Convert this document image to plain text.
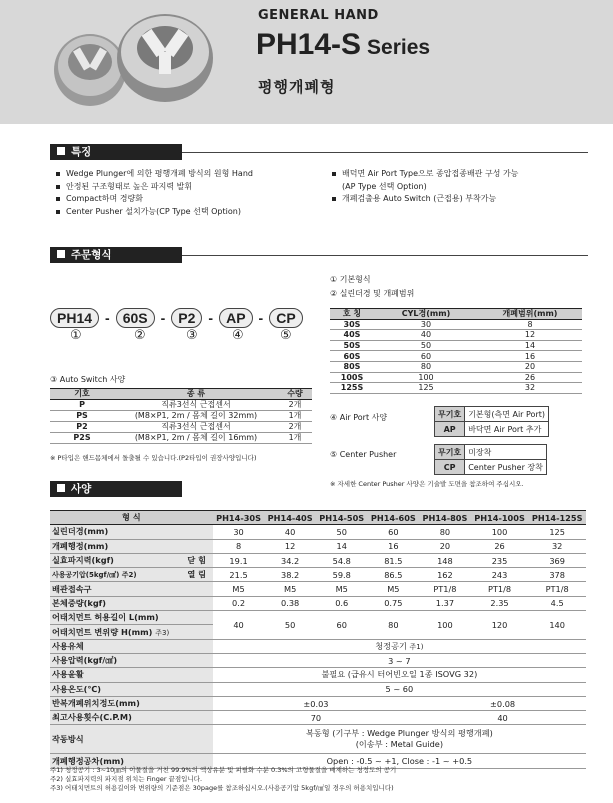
GENERAL HAND
PH14-S Series
평행개폐형
특징
Wedge Plunger에 의한 평행개폐 방식의 원형 Hand
안정된 구조형태로 높은 파지력 발휘
Compact하며 경량화
Center Pusher 설치가능(CP Type 선택 Option)
배덕면 Air Port Type으로 종압접종배관 구성 가능
(AP Type 선택 Option)
개폐검출용 Auto Switch (근접용) 부착가능
주문형식
① 기본형식
② 실린더경 및 개폐범위
PH14 - 60S - P2 - AP - CP
①	②	③	④	⑤
호 칭	CYL경(mm)	개폐범위(mm)
30S	30	8
40S	40	12
50S	50	14
60S	60	16
80S	80	20
100S	100	26
125S	125	32
③ Auto Switch 사양
기호	종 류	수량
P	직류3선식 근접센서	2개
PS	(M8×P1, 2m / 몸체 길이 32mm)	1개
P2	직류3선식 근접센서	2개
P2S	(M8×P1, 2m / 몸체 길이 16mm)	1개
※ P타입은 핸드몸체에서 돌출될 수 있습니다.(P2타입이 권장사양입니다)
④ Air Port 사양	무기호	기본형(측면 Air Port)
AP	바닥면 Air Port 추가
⑤ Center Pusher	무기호	미장착
CP	Center Pusher 장착
※ 자세한 Center Pusher 사양은 기술발 도면을 참조하여 주십시오.
사양
형 식		PH14-30S	PH14-40S	PH14-50S	PH14-60S	PH14-80S	PH14-100S	PH14-125S
실린더경(mm)		30	40	50	60	80	100	125
개폐행정(mm)		8	12	14	16	20	26	32
실효파지력(kgf)	닫 힘	19.1	34.2	54.8	81.5	148	235	369
사용공기압(5kgf/㎠) 주2)	열 림	21.5	38.2	59.8	86.5	162	243	378
배관접속구		M5	M5	M5	M5	PT1/8	PT1/8	PT1/8
본체중량(kgf)		0.2	0.38	0.6	0.75	1.37	2.35	4.5
어태치먼트 허용길이 L(mm)		40	50	60	80	100	120	140
어태치먼트 변위량 H(mm) 주3)								
사용유체		청정공기 주1)						
사용압력(kgf/㎠)		3 ~ 7						
사용윤활		불필요 (급유시 터어빈오일 1종 ISOVG 32)						
사용온도(℃)		5 ~ 60						
반복개폐위치정도(mm)		±0.03				±0.08		
최고사용횟수(C.P.M)		70				40		
작동방식		복동형 (기구부 : Wedge Plunger 방식의 평행개폐)
(이송부 : Metal Guide)						

개폐행정공차(mm)		Open : -0.5 ~ +1, Close : -1 ~ +0.5						
주1) 청정공기 : 3~10㎛의 이물질을 거친 99.9%의 액상유분 및 피필화 수분 0.3%의 고형물질을 배제하는 청정도의 공기
주2) 실효파지력의 파지점 위치는 Finger 끝점입니다.
주3) 어태치먼트의 허용길이와 변위량의 기준점은 30page를 참조하십시오.(사용공기압 5kgf/㎠일 경우의 허용치입니다)
